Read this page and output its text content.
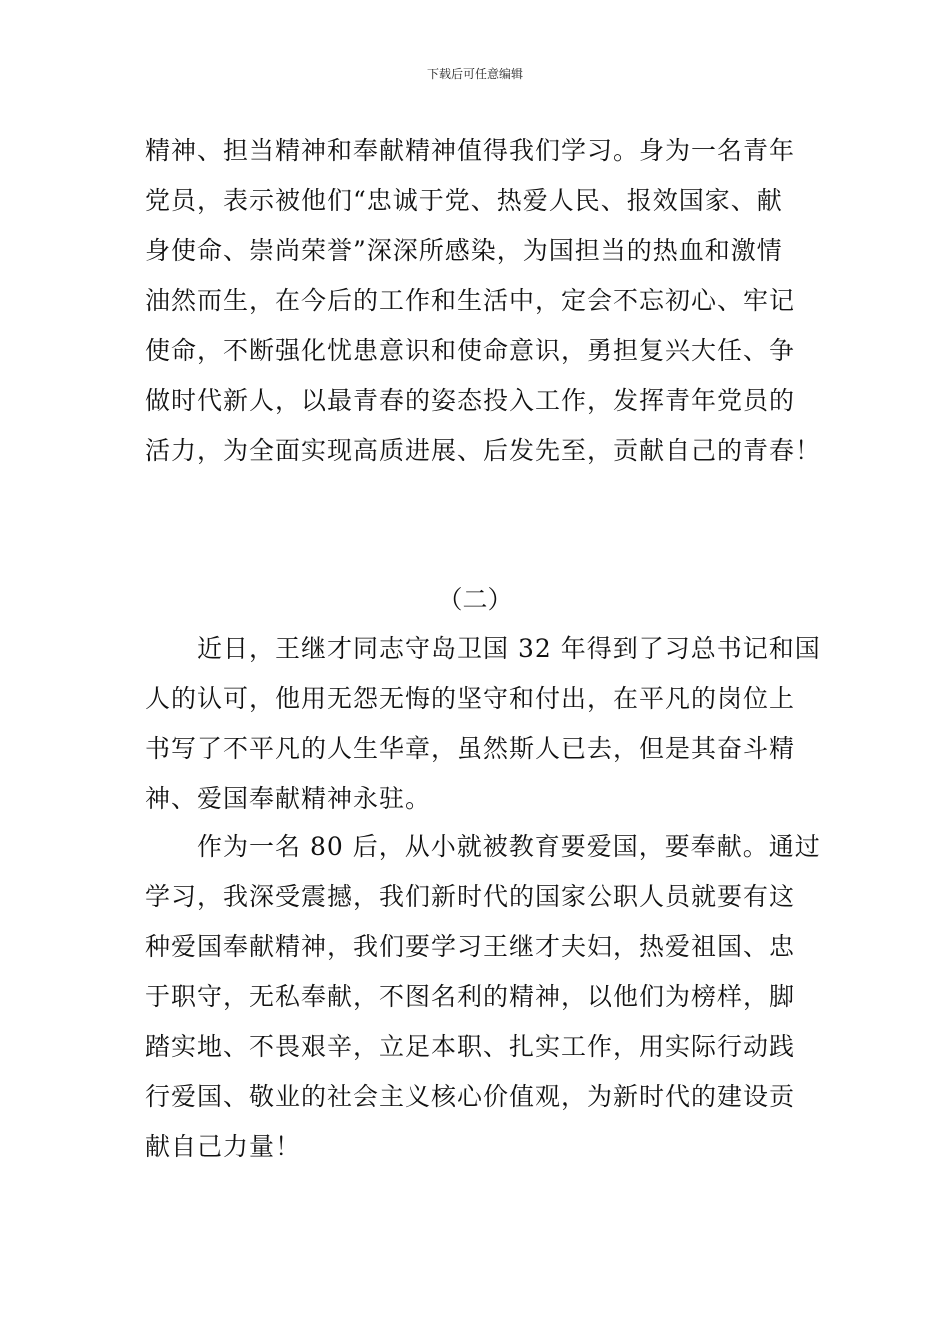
下载后可任意编辑
精神、担当精神和奉献精神值得我们学习。身为一名青年
党员，表示被他们“忠诚于党、热爱人民、报效国家、献
身使命、崇尚荣誉”深深所感染，为国担当的热血和激情
油然而生，在今后的工作和生活中，定会不忘初心、牢记
使命，不断强化忧患意识和使命意识，勇担复兴大任、争
做时代新人，以最青春的姿态投入工作，发挥青年党员的
活力，为全面实现高质进展、后发先至，贡献自己的青春！
（二）
近日，王继才同志守岛卫国 32 年得到了习总书记和国
人的认可，他用无怨无悔的坚守和付出，在平凡的岗位上
书写了不平凡的人生华章，虽然斯人已去，但是其奋斗精
神、爱国奉献精神永驻。
作为一名 80 后，从小就被教育要爱国，要奉献。通过
学习，我深受震撼，我们新时代的国家公职人员就要有这
种爱国奉献精神，我们要学习王继才夫妇，热爱祖国、忠
于职守，无私奉献，不图名利的精神，以他们为榜样，脚
踏实地、不畏艰辛，立足本职、扎实工作，用实际行动践
行爱国、敬业的社会主义核心价值观，为新时代的建设贡
献自己力量！
